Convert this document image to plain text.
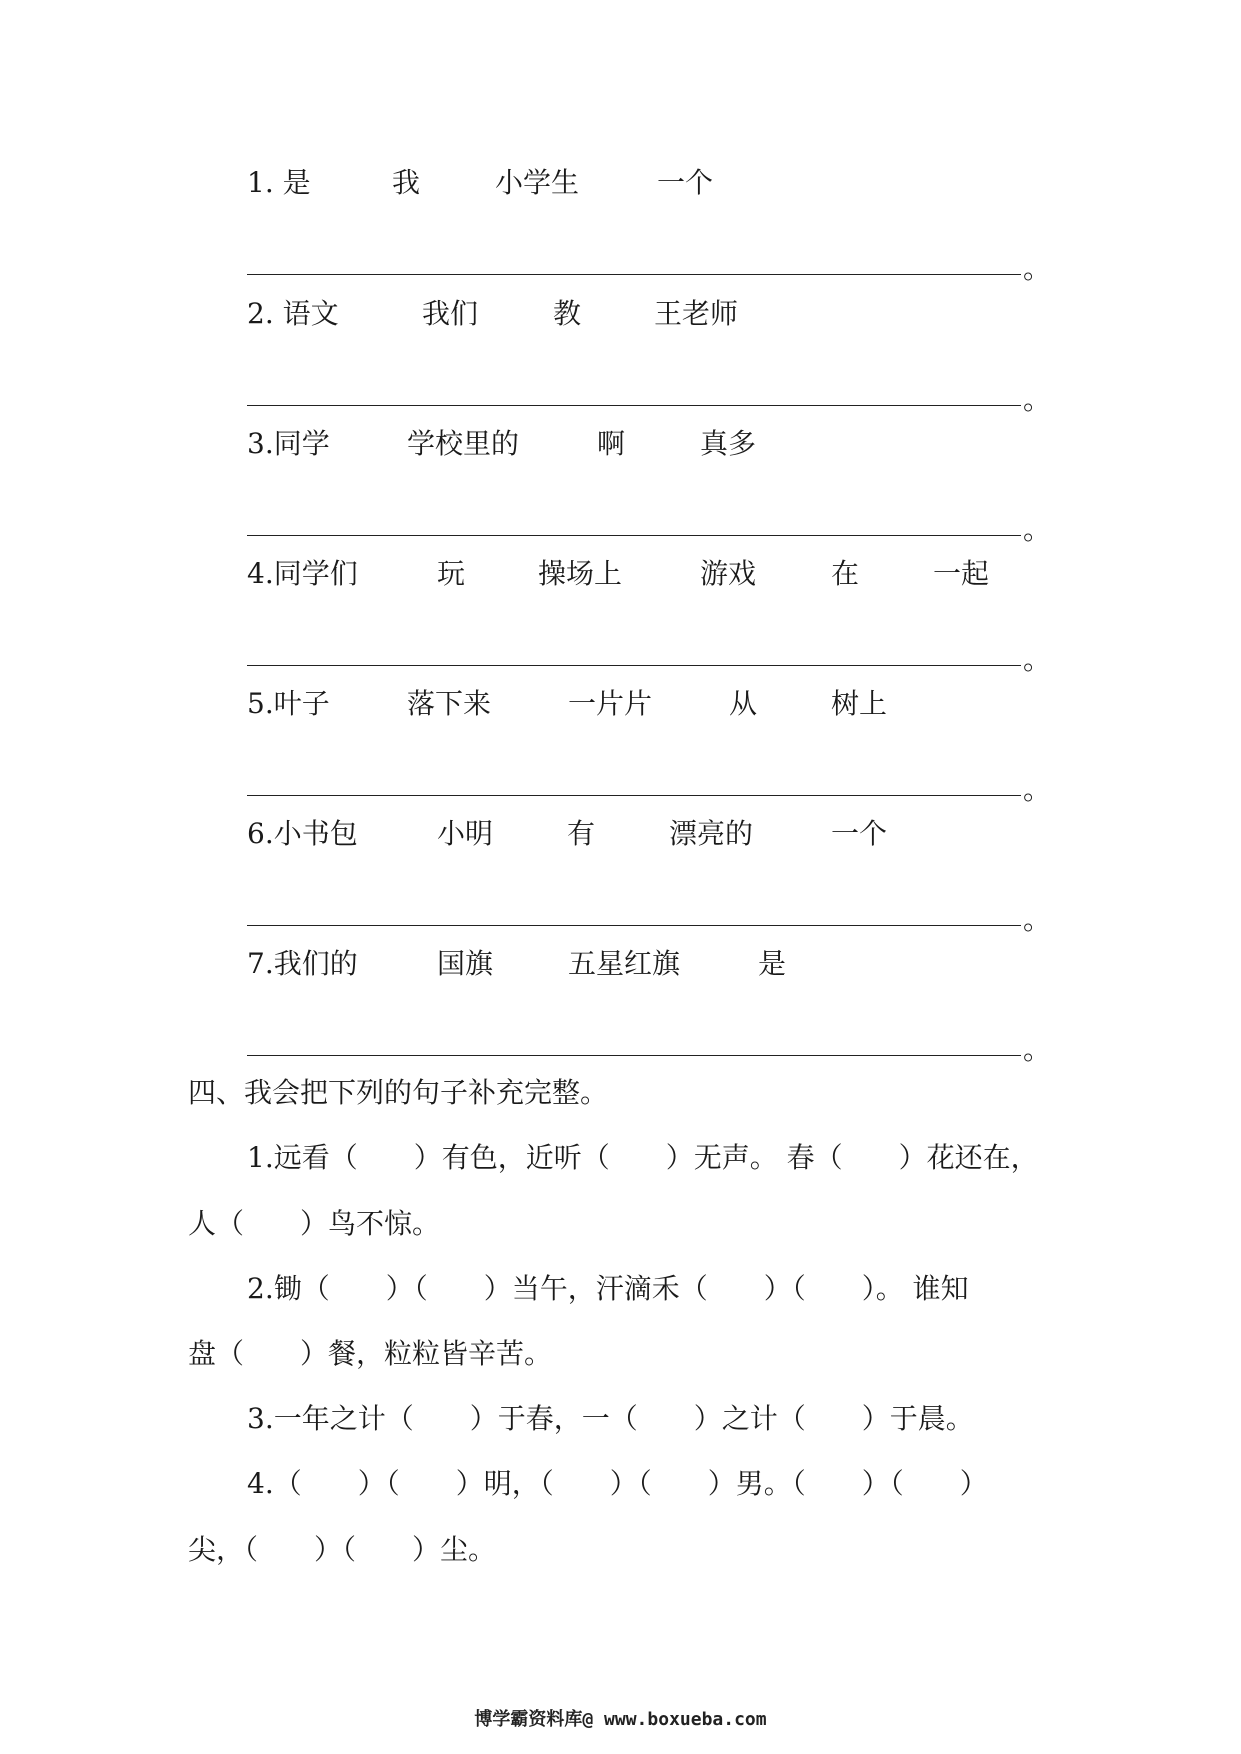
1. 是	我	小学生	一个
。
2. 语文	我们	教	王老师
。
3.同学	学校里的	啊	真多
。
4.同学们	玩	操场上	游戏	在	一起
。
5.叶子	落下来	一片片	从	树上
。
6.小书包	小明	有	漂亮的	一个
。
7.我们的	国旗	五星红旗	是
。
四、我会把下列的句子补充完整。
1.远看（　　）有色，近听（　　）无声。 春（　　）花还在，
人（　　）鸟不惊。
2.锄（　　）（　　）当午，汗滴禾（　　）（　　）。 谁知
盘（　　）餐，粒粒皆辛苦。
3.一年之计（　　）于春，一（　　）之计（　　）于晨。
4.（　　）（　　）明，（　　）（　　）男。（　　）（　　）
尖，（　　）（　　）尘。
博学霸资料库@ www.boxueba.com
